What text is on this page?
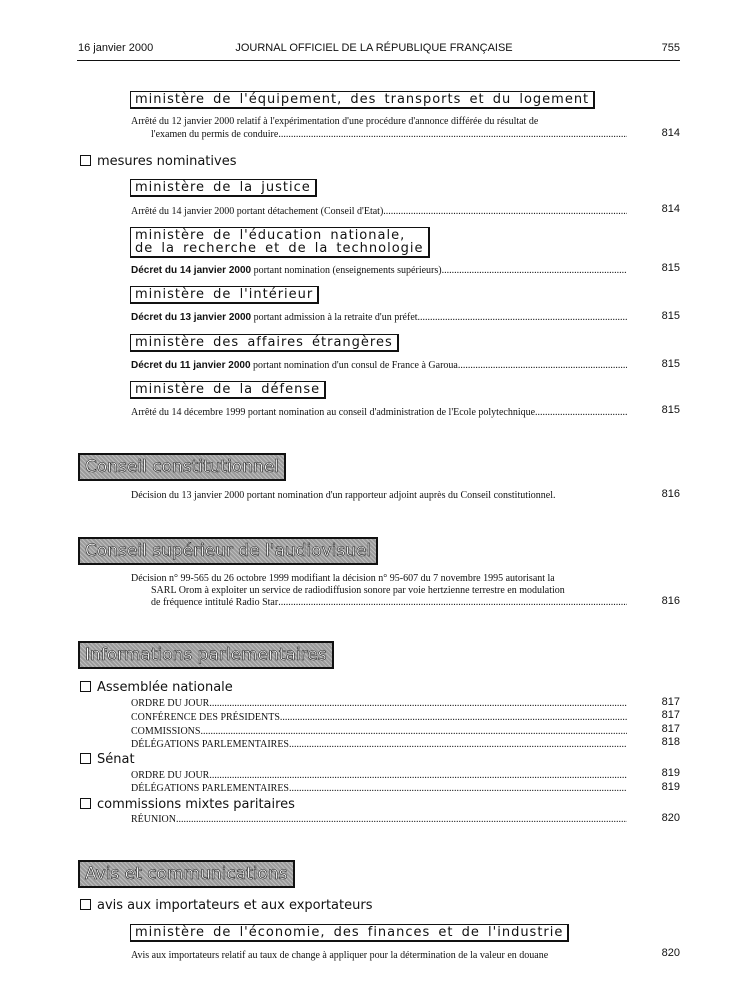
16 janvier 2000	JOURNAL OFFICIEL DE LA RÉPUBLIQUE FRANÇAISE	755
ministère de l'équipement, des transports et du logement
Arrêté du 12 janvier 2000 relatif à l'expérimentation d'une procédure d'annonce différée du résultat de
l'examen du permis de conduire .....	814
mesures nominatives
ministère de la justice
Arrêté du 14 janvier 2000 portant détachement (Conseil d'Etat) .....	814
ministère de l'éducation nationale,
de la recherche et de la technologie
Décret du 14 janvier 2000
portant nomination (enseignements supérieurs) .....	815
ministère de l'intérieur
Décret du 13 janvier 2000
portant admission à la retraite d'un préfet .....	815
ministère des affaires étrangères
Décret du 11 janvier 2000
portant nomination d'un consul de France à Garoua .....	815
ministère de la défense
Arrêté du 14 décembre 1999 portant nomination au conseil d'administration de l'Ecole polytechnique .....	815
Conseil constitutionnel
Décision du 13 janvier 2000 portant nomination d'un rapporteur adjoint auprès du Conseil constitutionnel.	816
Conseil supérieur de l'audiovisuel
Décision n° 99-565 du 26 octobre 1999 modifiant la décision n° 95-607 du 7 novembre 1995 autorisant la
SARL Orom à exploiter un service de radiodiffusion sonore par voie hertzienne terrestre en modulation
de fréquence intitulé Radio Star .....	816
Informations parlementaires
Assemblée nationale
ORDRE DU JOUR .....	817
CONFÉRENCE DES PRÉSIDENTS .....	817
COMMISSIONS .....	817
DÉLÉGATIONS PARLEMENTAIRES .....	818
Sénat
ORDRE DU JOUR .....	819
DÉLÉGATIONS PARLEMENTAIRES .....	819
commissions mixtes paritaires
RÉUNION .....	820
Avis et communications
avis aux importateurs et aux exportateurs
ministère de l'économie, des finances et de l'industrie
Avis aux importateurs relatif au taux de change à appliquer pour la détermination de la valeur en douane	820
